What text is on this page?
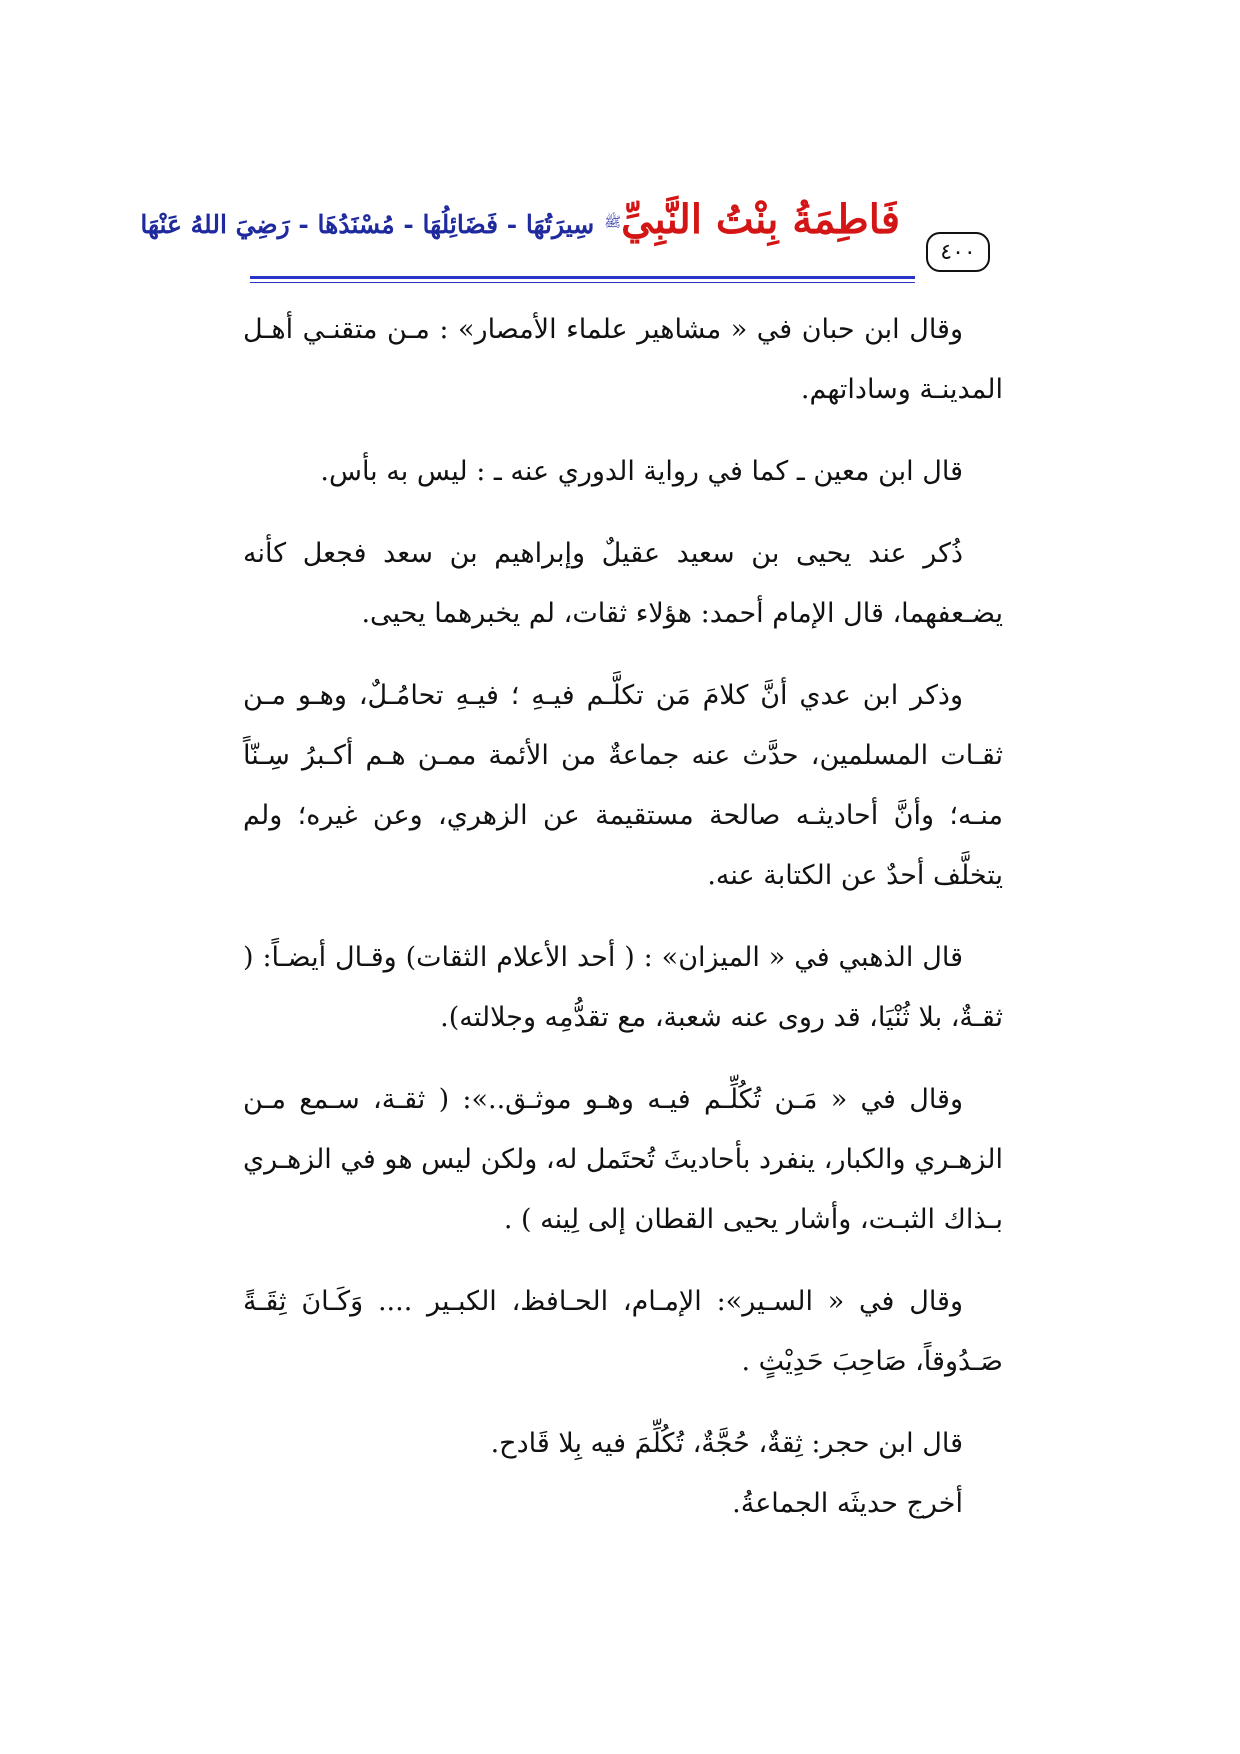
٤٠٠
فَاطِمَةُ بِنْتُ النَّبِيِّﷺ سِيرَتُهَا - فَضَائِلُهَا - مُسْنَدُهَا - رَضِيَ اللهُ عَنْهَا

وقال ابن حبان في « مشاهير علماء الأمصار» : مـن متقنـي أهـل المدينـة وساداتهم.

قال ابن معين ـ كما في رواية الدوري عنه ـ : ليس به بأس.

ذُكر عند يحيى بن سعيد عقيلٌ وإبراهيم بن سعد فجعل كأنه يضـعفهما، قال الإمام أحمد: هؤلاء ثقات، لم يخبرهما يحيى.

وذكر ابن عدي أنَّ كلامَ مَن تكلَّـم فيـهِ ؛ فيـهِ تحامُـلٌ، وهـو مـن ثقـات المسلمين، حدَّث عنه جماعةٌ من الأئمة ممـن هـم أكـبرُ سِـنّاً منـه؛ وأنَّ أحاديثـه صالحة مستقيمة عن الزهري، وعن غيره؛ ولم يتخلَّف أحدٌ عن الكتابة عنه.

قال الذهبي في « الميزان» : ( أحد الأعلام الثقات) وقـال أيضـاً: ( ثقـةٌ، بلا ثُنْيَا، قد روى عنه شعبة، مع تقدُّمِه وجلالته).

وقال في « مَـن تُكُلِّـم فيـه وهـو موثـق..»: ( ثقـة، سـمع مـن الزهـري والكبار، ينفرد بأحاديثَ تُحتَمل له، ولكن ليس هو في الزهـري بـذاك الثبـت، وأشار يحيى القطان إلى لِينه ) .

وقال في « السـير»: الإمـام، الحـافظ، الكبـير .... وَكَـانَ ثِقَـةً صَـدُوقاً، صَاحِبَ حَدِيْثٍ .

قال ابن حجر: ثِقةٌ، حُجَّةٌ، تُكُلِّمَ فيه بِلا قَادح.

أخرج حديثَه الجماعةُ.
